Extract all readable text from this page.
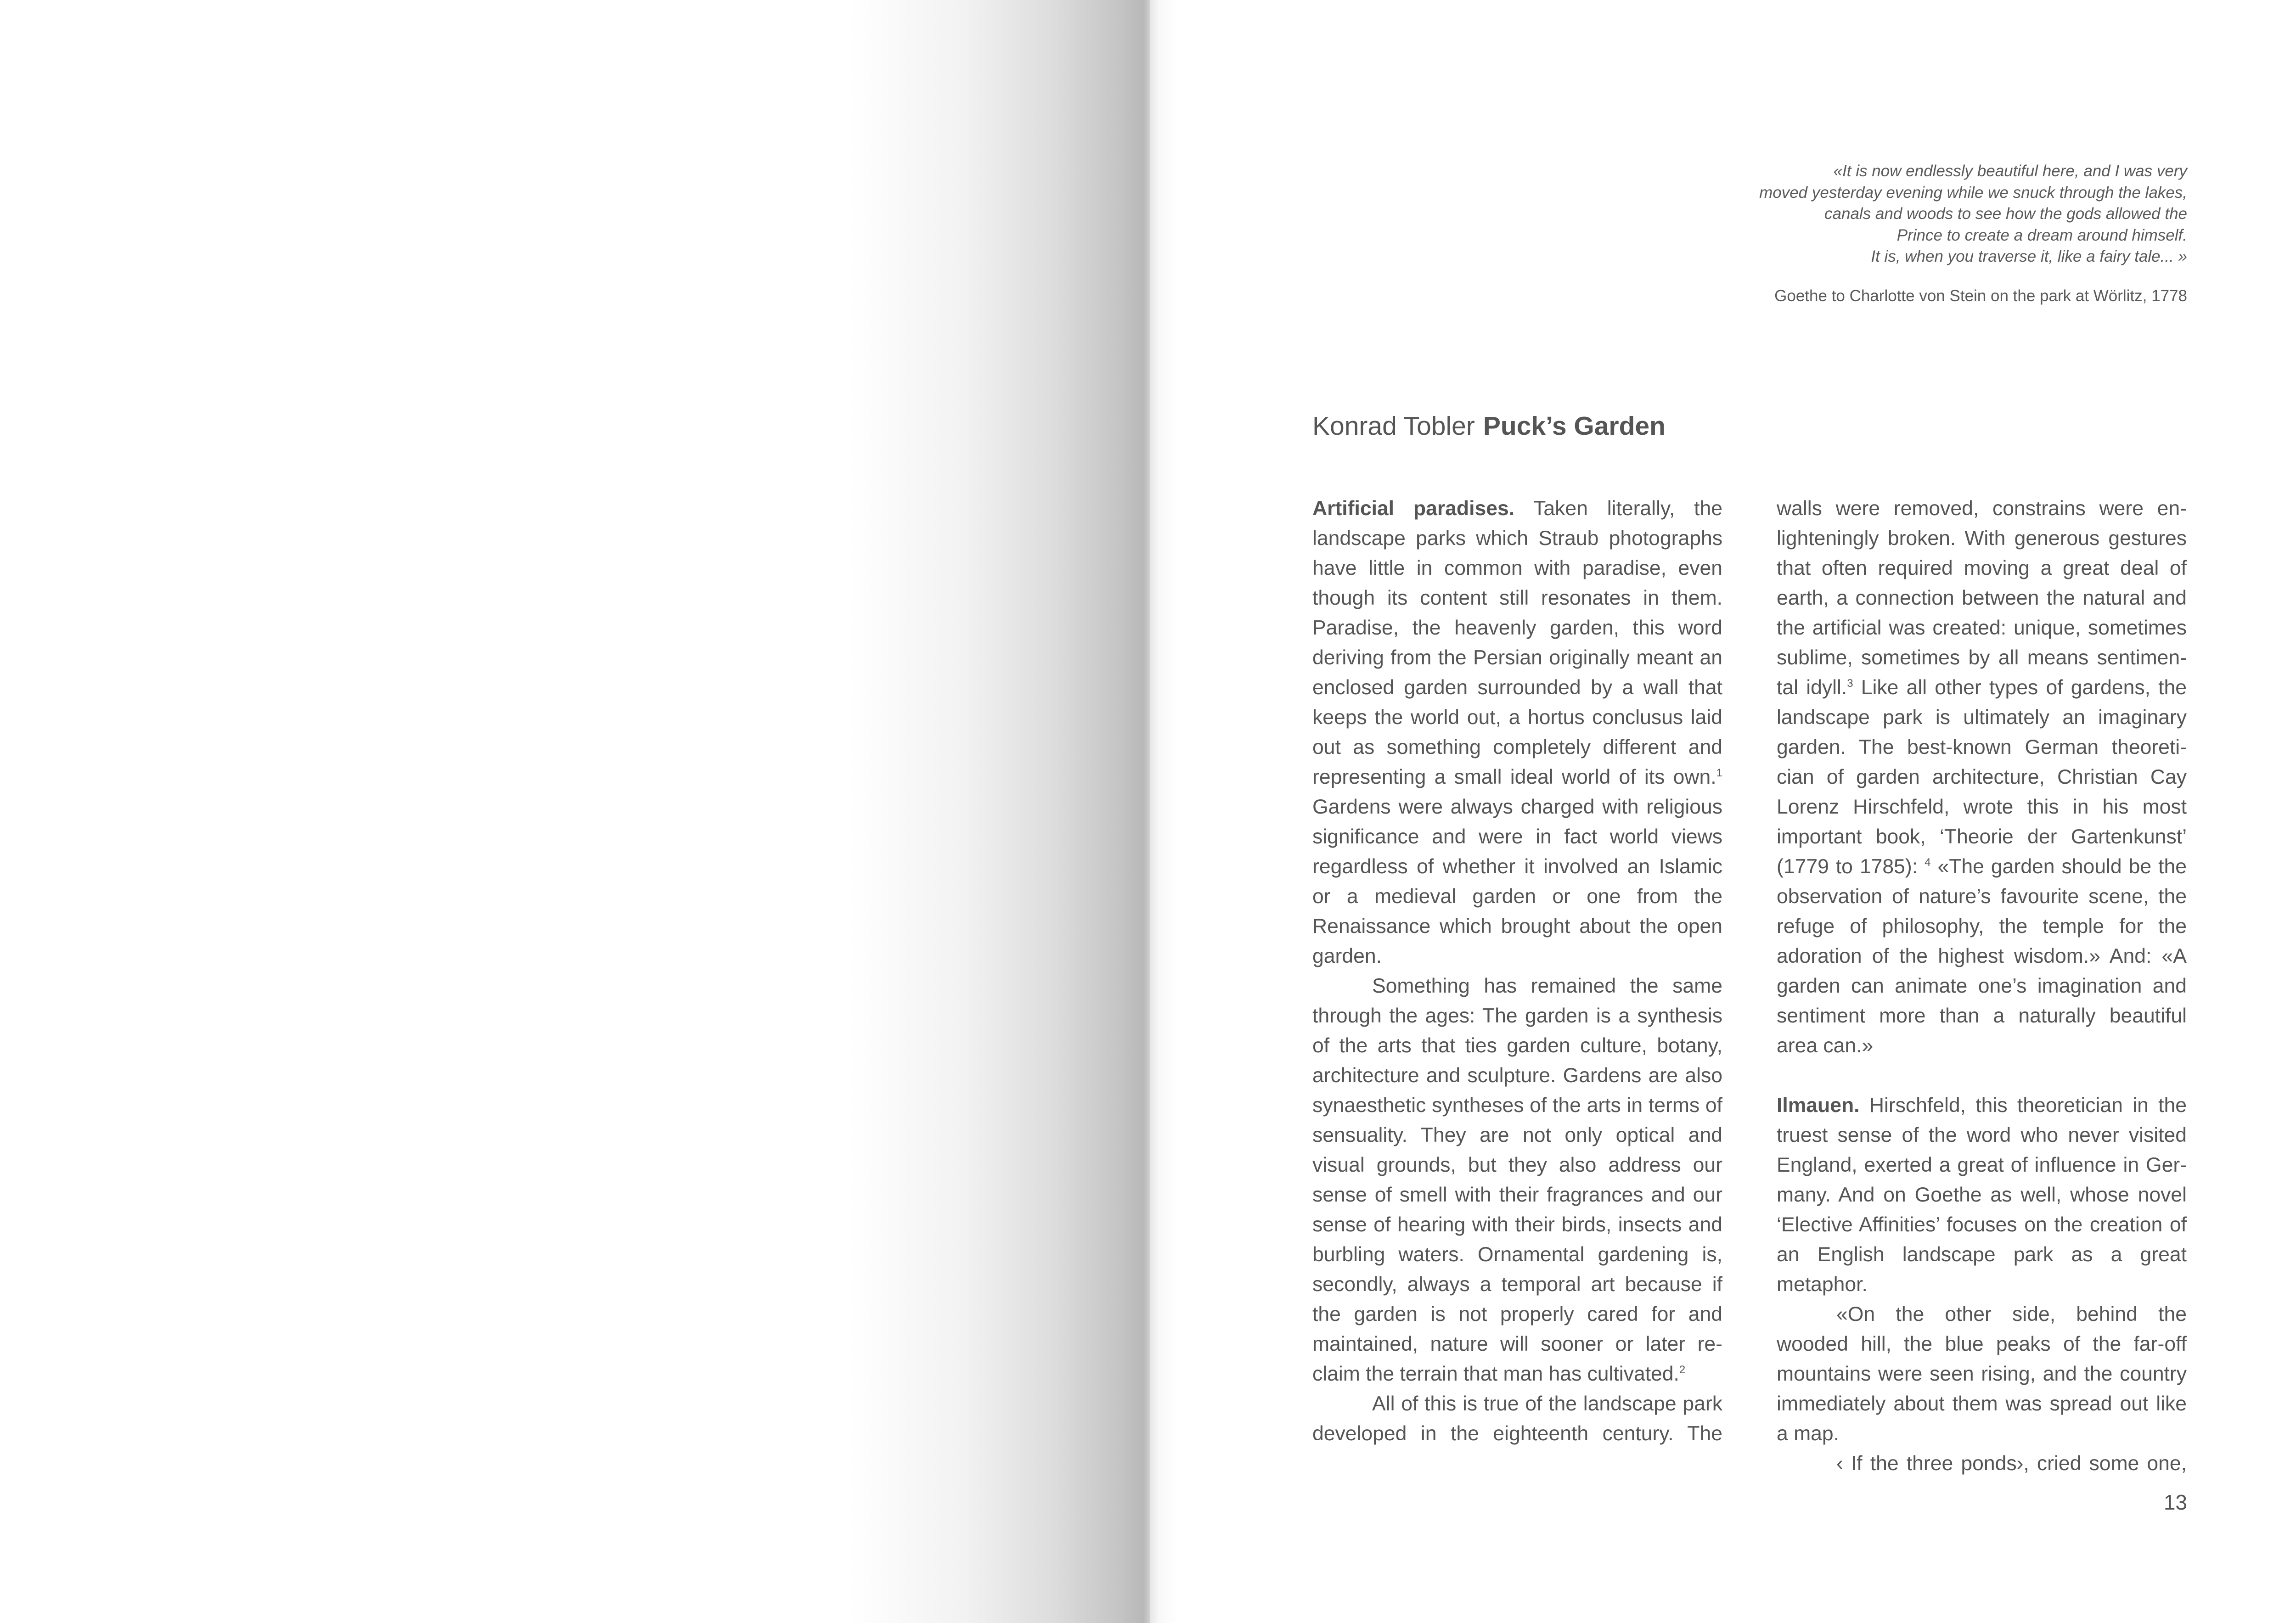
«It is now endlessly beautiful here, and I was very

moved yesterday evening while we snuck through the lakes,

canals and woods to see how the gods allowed the

Prince to create a dream around himself.

It is, when you traverse it, like a fairy tale... »

Goethe to Charlotte von Stein on the park at Wörlitz, 1778
Konrad Tobler Puck’s Garden

Artificial paradises. Taken literally, the landscape parks which Straub photographs have little in common with paradise, even though its content still resonates in them. Paradise, the heavenly garden, this word deriving from the Persian originally meant an enclosed garden surrounded by a wall that keeps the world out, a hortus conclusus laid out as something completely different and representing a small ideal world of its own.$^1$ Gardens were always charged with religious significance and were in fact world views regardless of whether it involved an Islamic or a medieval garden or one from the Renaissance which brought about the open garden.

Something has remained the same through the ages: The garden is a synthesis of the arts that ties garden culture, botany, architecture and sculpture. Gardens are also synaesthetic syntheses of the arts in terms of sensuality. They are not only optical and visual grounds, but they also address our sense of smell with their fragrances and our sense of hearing with their birds, insects and burbling waters. Ornamental gardening is, secondly, always a temporal art because if the garden is not properly cared for and maintained, nature will sooner or later reclaim the terrain that man has cultivated.$^2$

All of this is true of the landscape park developed in the eighteenth century. The

walls were removed, constrains were enlighteningly broken. With generous gestures that often required moving a great deal of earth, a connection between the natural and the artificial was created: unique, sometimes sublime, sometimes by all means sentimental idyll.$^3$ Like all other types of gardens, the landscape park is ultimately an imaginary garden. The best-known German theoretician of garden architecture, Christian Cay Lorenz Hirschfeld, wrote this in his most important book, ‘Theorie der Gartenkunst’ (1779 to 1785): $^4$ «The garden should be the observation of nature’s favourite scene, the refuge of philosophy, the temple for the adoration of the highest wisdom.» And: «A garden can animate one’s imagination and sentiment more than a naturally beautiful area can.»

Ilmauen. Hirschfeld, this theoretician in the truest sense of the word who never visited England, exerted a great of influence in Germany. And on Goethe as well, whose novel ‘Elective Affinities’ focuses on the creation of an English landscape park as a great metaphor.

«On the other side, behind the wooded hill, the blue peaks of the far-off mountains were seen rising, and the country immediately about them was spread out like a map.

‹ If the three ponds›, cried some one,

13
